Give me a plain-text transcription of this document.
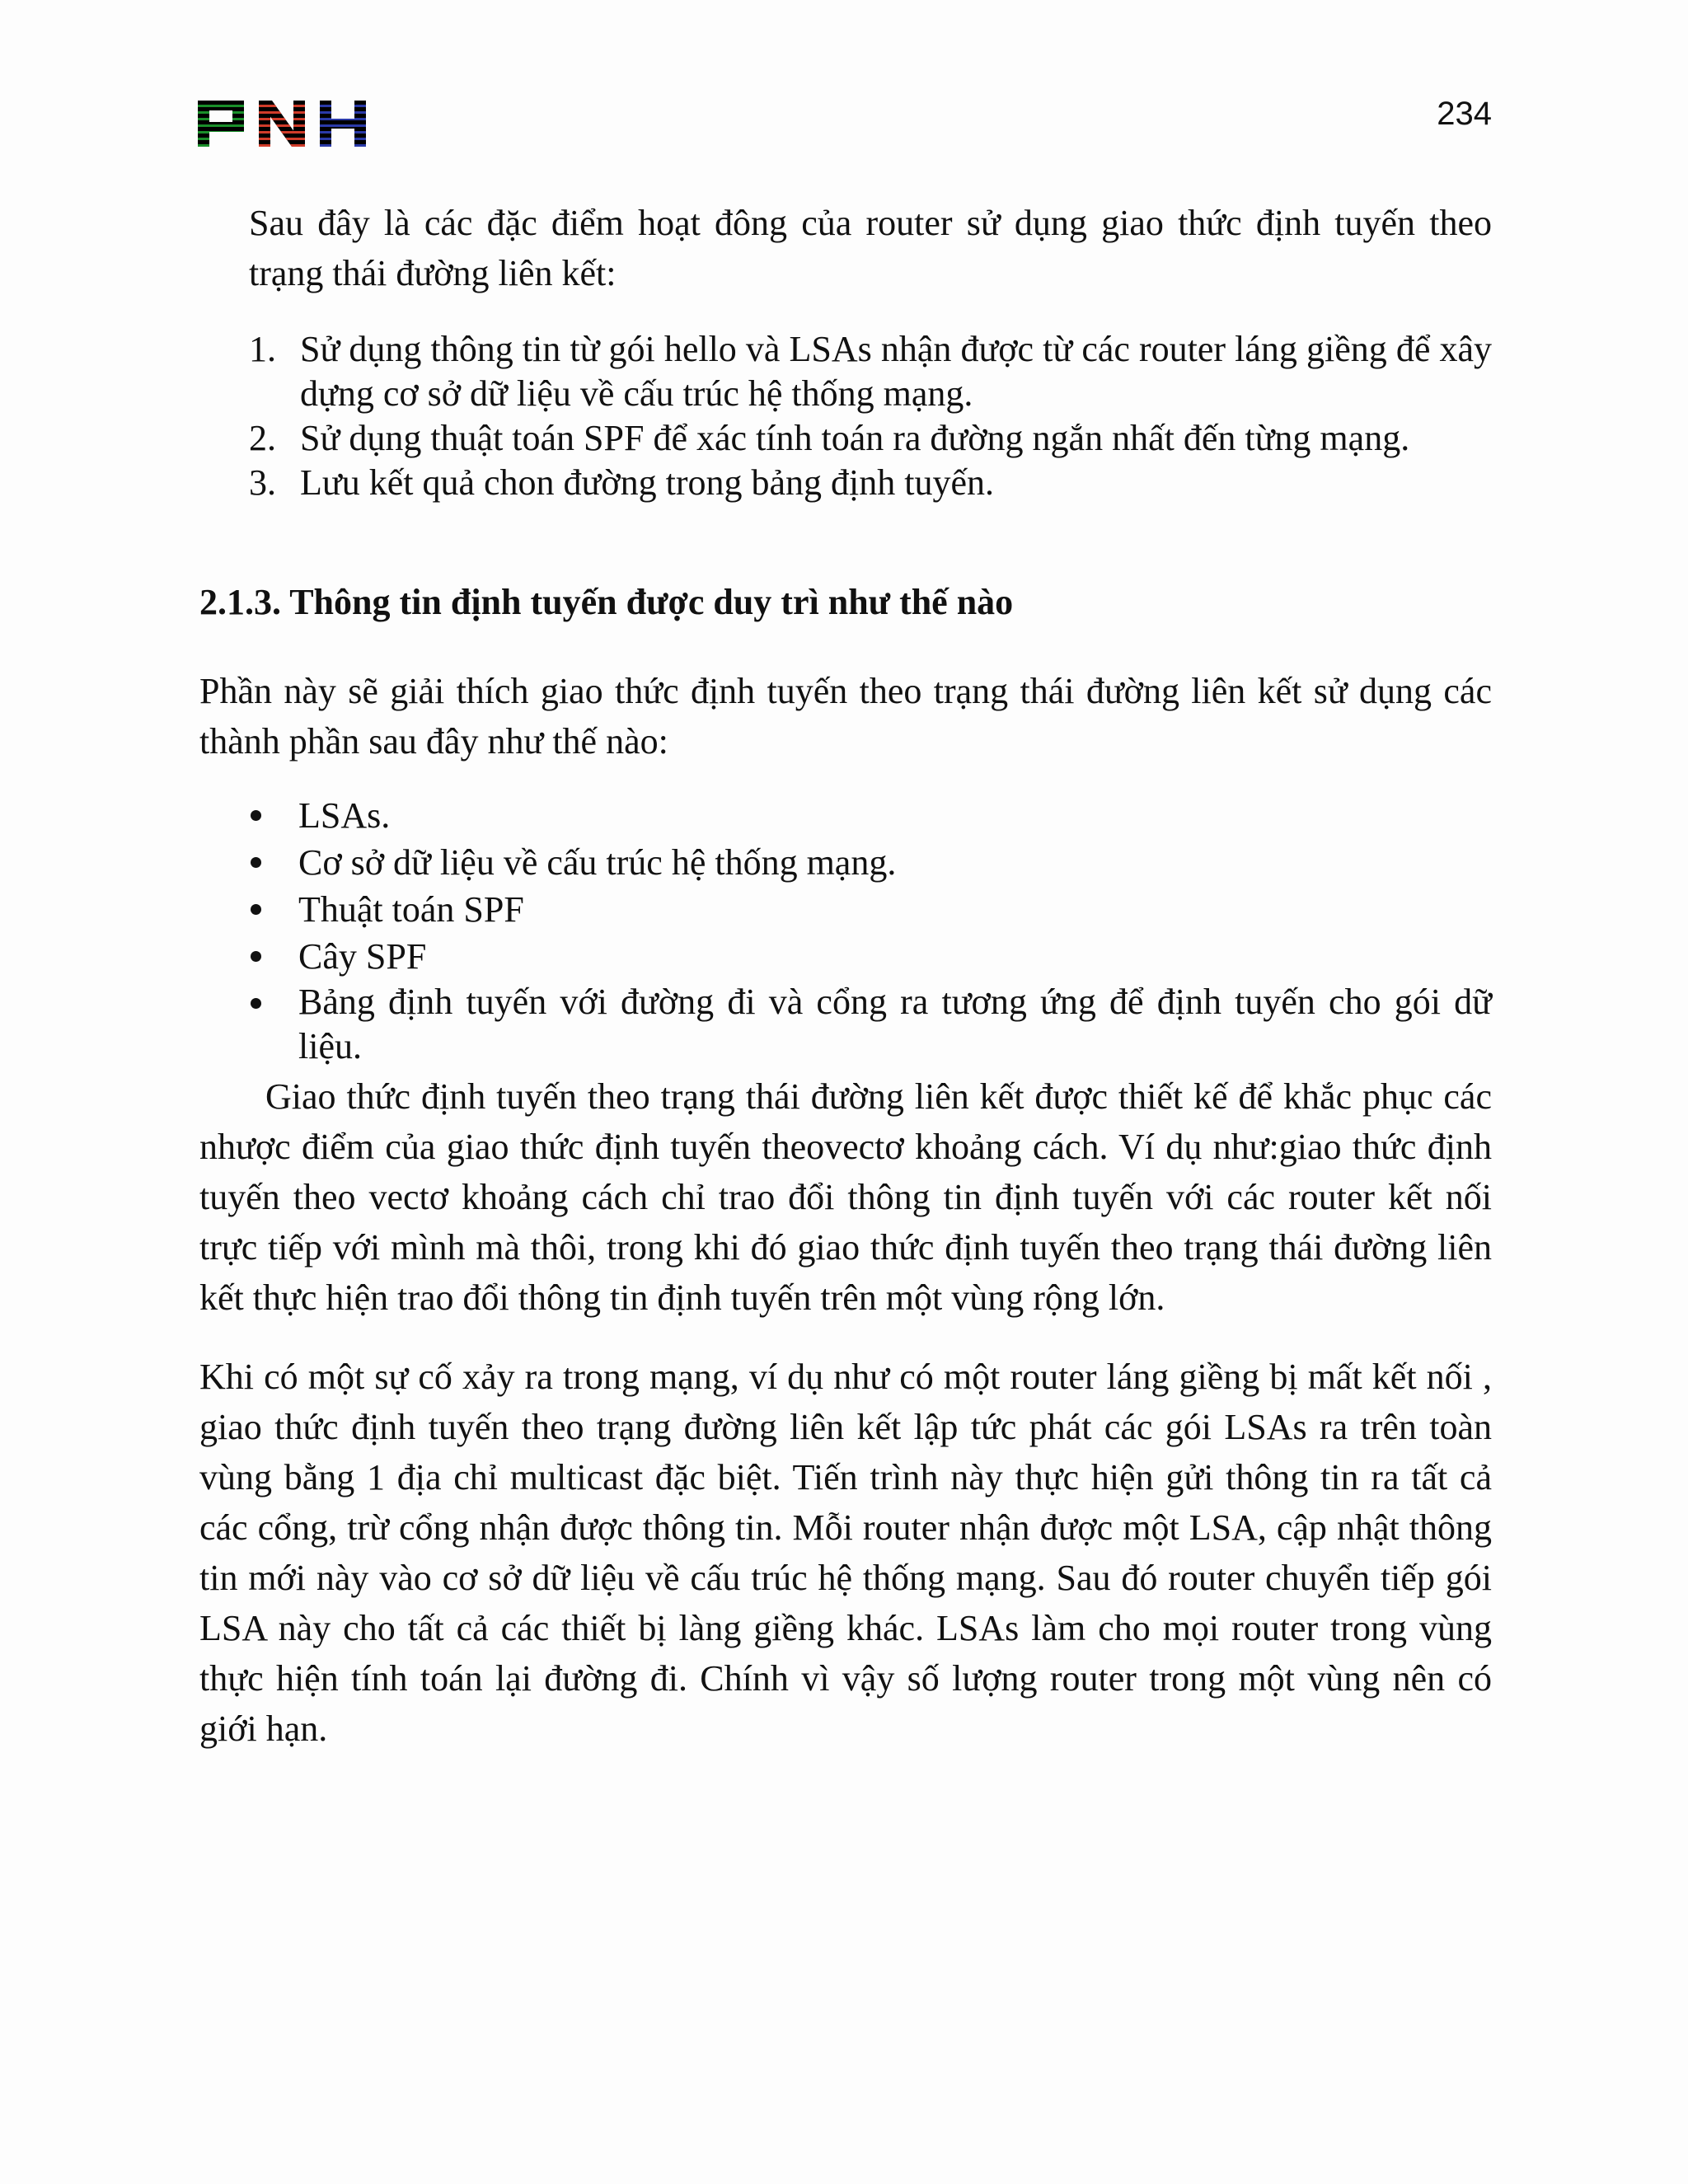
234

Sau đây là các đặc điểm hoạt đông của router sử dụng giao thức định tuyến theo trạng thái đường liên kết:

1. Sử dụng thông tin từ gói hello và LSAs nhận được từ các router láng giềng để xây dựng cơ sở dữ liệu về cấu trúc hệ thống mạng.
2. Sử dụng thuật toán SPF để xác tính toán ra đường ngắn nhất đến từng mạng.
3. Lưu kết quả chon đường trong bảng định tuyến.
2.1.3. Thông tin định tuyến được duy trì như thế nào

Phần này sẽ giải thích giao thức định tuyến theo trạng thái đường liên kết sử dụng các thành phần sau đây như thế nào:

LSAs.
Cơ sở dữ liệu về cấu trúc hệ thống mạng.
Thuật toán SPF
Cây SPF
Bảng định tuyến với đường đi và cổng ra tương ứng để định tuyến cho gói dữ liệu.

Giao thức định tuyến theo trạng thái đường liên kết được thiết kế để khắc phục các nhược điểm của giao thức định tuyến theovectơ khoảng cách. Ví dụ như:giao thức định tuyến theo vectơ khoảng cách chỉ trao đổi thông tin định tuyến với các router kết nối trực tiếp với mình mà thôi, trong khi đó giao thức định tuyến theo trạng thái đường liên kết thực hiện trao đổi thông tin định tuyến trên một vùng rộng lớn.

Khi có một sự cố xảy ra trong mạng, ví dụ như có một router láng giềng bị mất kết nối , giao thức định tuyến theo trạng đường liên kết lập tức phát các gói LSAs ra trên toàn vùng bằng 1 địa chỉ multicast đặc biệt. Tiến trình này thực hiện gửi thông tin ra tất cả các cổng, trừ cổng nhận được thông tin. Mỗi router nhận được một LSA, cập nhật thông tin mới này vào cơ sở dữ liệu về cấu trúc hệ thống mạng. Sau đó router chuyển tiếp gói LSA này cho tất cả các thiết bị làng giềng khác. LSAs làm cho mọi router trong vùng thực hiện tính toán lại đường đi. Chính vì vậy số lượng router trong một vùng nên có giới hạn.
